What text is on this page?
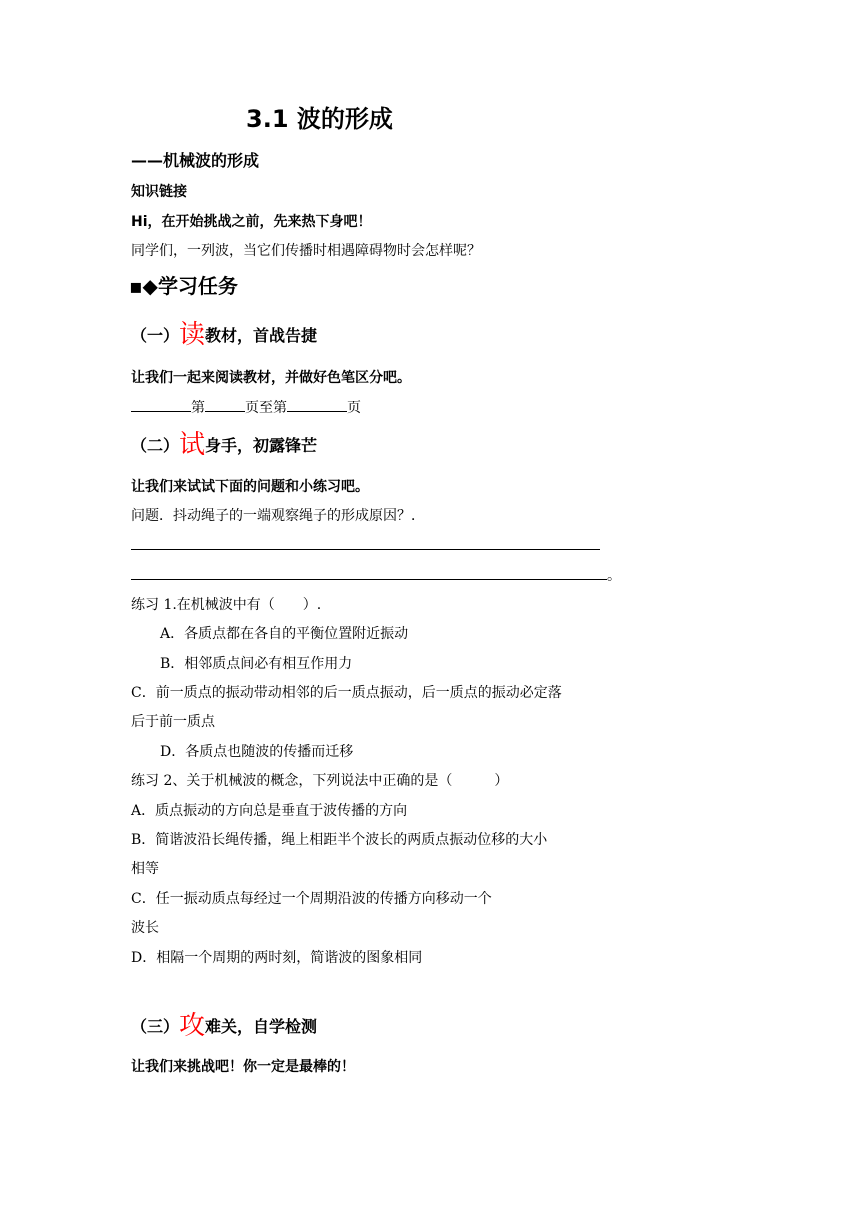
3.1 波的形成
——机械波的形成
知识链接
Hi，在开始挑战之前，先来热下身吧！
同学们，一列波，当它们传播时相遇障碍物时会怎样呢？
▪◆学习任务
（一）读教材，首战告捷
让我们一起来阅读教材，并做好色笔区分吧。
第	页至第	页
（二）试身手，初露锋芒
让我们来试试下面的问题和小练习吧。
问题．抖动绳子的一端观察绳子的形成原因？．
。
练习 1.在机械波中有（　　）.
A．各质点都在各自的平衡位置附近振动
B．相邻质点间必有相互作用力
C．前一质点的振动带动相邻的后一质点振动，后一质点的振动必定落
后于前一质点
D．各质点也随波的传播而迁移
练习 2、关于机械波的概念，下列说法中正确的是（　　　）
A．质点振动的方向总是垂直于波传播的方向
B．简谐波沿长绳传播，绳上相距半个波长的两质点振动位移的大小
相等
C．任一振动质点每经过一个周期沿波的传播方向移动一个
波长
D．相隔一个周期的两时刻，简谐波的图象相同
（三）攻难关，自学检测
让我们来挑战吧！你一定是最棒的！
